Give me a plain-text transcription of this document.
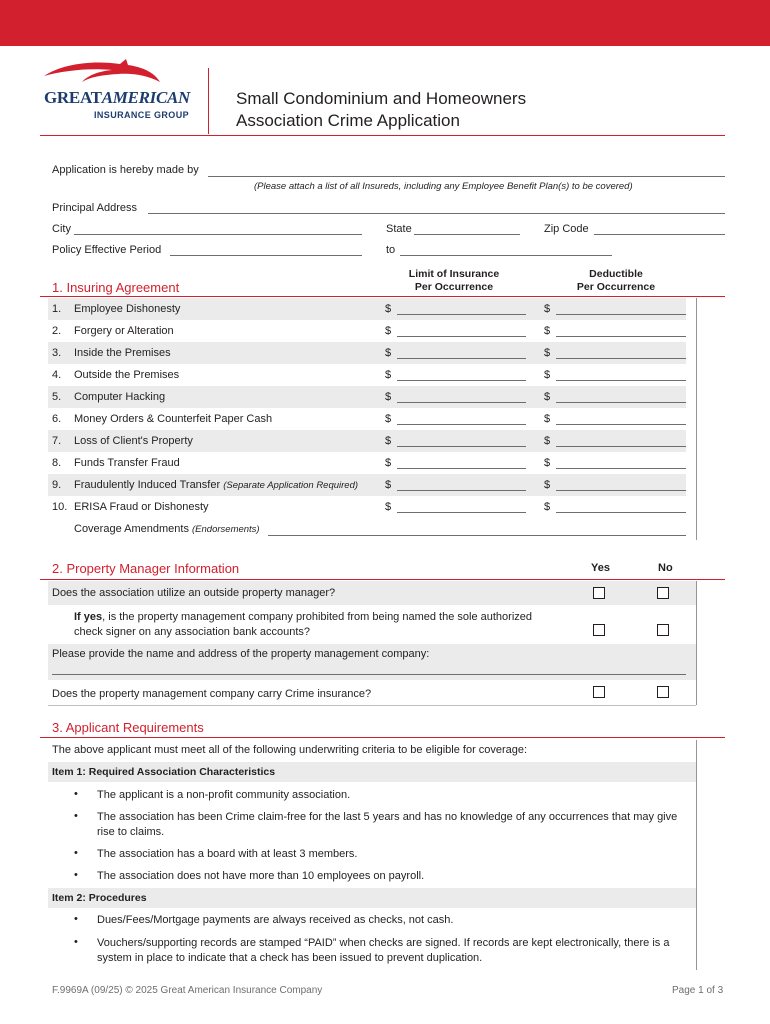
GREATAMERICAN
INSURANCE GROUP
Small Condominium and Homeowners
Association Crime Application
Application is hereby made by
(Please attach a list of all Insureds, including any Employee Benefit Plan(s) to be covered)
Principal Address
City	State	Zip Code
Policy Effective Period	to
1. Insuring Agreement
Limit of Insurance
Per Occurrence
Deductible
Per Occurrence
1. Employee Dishonesty	$	$
2. Forgery or Alteration	$	$
3. Inside the Premises	$	$
4. Outside the Premises	$	$
5. Computer Hacking	$	$
6. Money Orders & Counterfeit Paper Cash	$	$
7. Loss of Client's Property	$	$
8. Funds Transfer Fraud	$	$
9. Fraudulently Induced Transfer (Separate Application Required) $	$
10. ERISA Fraud or Dishonesty	$	$
Coverage Amendments (Endorsements)
2. Property Manager Information	Yes	No
Does the association utilize an outside property manager?
If yes, is the property management company prohibited from being named the sole authorized
check signer on any association bank accounts?
Please provide the name and address of the property management company:
Does the property management company carry Crime insurance?
3. Applicant Requirements
The above applicant must meet all of the following underwriting criteria to be eligible for coverage:
Item 1: Required Association Characteristics
• The applicant is a non-profit community association.
• The association has been Crime claim-free for the last 5 years and has no knowledge of any occurrences that may give rise to claims.
• The association has a board with at least 3 members.
• The association does not have more than 10 employees on payroll.
Item 2: Procedures
• Dues/Fees/Mortgage payments are always received as checks, not cash.
• Vouchers/supporting records are stamped “PAID” when checks are signed. If records are kept electronically, there is a system in place to indicate that a check has been issued to prevent duplication.
F.9969A (09/25) © 2025 Great American Insurance Company	Page 1 of 3
